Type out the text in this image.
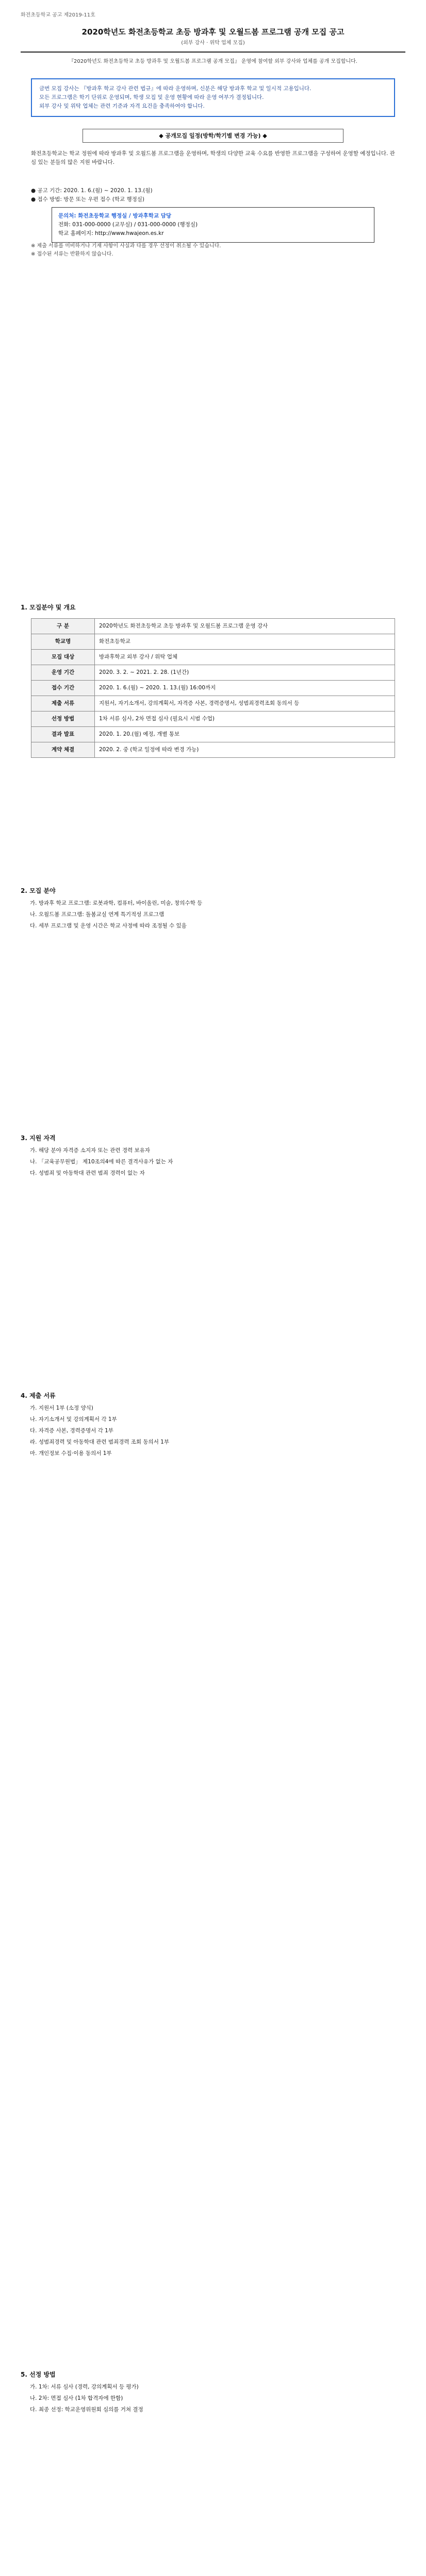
화전초등학교 공고 제2019-11호
2020학년도 화전초등학교 초등 방과후 및 오월드봄 프로그램 공개 모집 공고
(외부 강사 · 위탁 업체 모집)
『2020학년도 화전초등학교 초등 방과후 및 오월드봄 프로그램 공개 모집』 운영에 참여할 외부 강사와 업체를 공개 모집합니다.
금번 모집 강사는 『방과후 학교 강사 관련 법규』에 따라 운영하며, 신분은 해당 방과후 학교 및 일시적 고용입니다.
모든 프로그램은 학기 단위로 운영되며, 학생 모집 및 운영 현황에 따라 운영 여부가 결정됩니다.
외부 강사 및 위탁 업체는 관련 기준과 자격 요건을 충족하여야 합니다.
◆ 공개모집 일정(방학/학기별 변경 가능) ◆
화전초등학교는 학교 정원에 따라 방과후 및 오월드봄 프로그램을 운영하며, 학생의 다양한 교육 수요를 반영한 프로그램을 구성하여 운영할 예정입니다. 관심 있는 분들의 많은 지원 바랍니다.
● 공고 기간: 2020. 1. 6.(월) ~ 2020. 1. 13.(월)
● 접수 방법: 방문 또는 우편 접수 (학교 행정실)
문의처: 화전초등학교 행정실 / 방과후학교 담당
전화: 031-000-0000 (교무실) / 031-000-0000 (행정실)
학교 홈페이지: http://www.hwajeon.es.kr
※ 제출 서류를 미비하거나 기재 사항이 사실과 다를 경우 선정이 취소될 수 있습니다.
※ 접수된 서류는 반환하지 않습니다.
1. 모집분야 및 개요
구 분	2020학년도 화전초등학교 초등 방과후 및 오월드봄 프로그램 운영 강사
학교명	화전초등학교
모집 대상	방과후학교 외부 강사 / 위탁 업체
운영 기간	2020. 3. 2. ~ 2021. 2. 28. (1년간)
접수 기간	2020. 1. 6.(월) ~ 2020. 1. 13.(월) 16:00까지
제출 서류	지원서, 자기소개서, 강의계획서, 자격증 사본, 경력증명서, 성범죄경력조회 동의서 등
선정 방법	1차 서류 심사, 2차 면접 심사 (필요시 시범 수업)
결과 발표	2020. 1. 20.(월) 예정, 개별 통보
계약 체결	2020. 2. 중 (학교 일정에 따라 변경 가능)
2. 모집 분야

가. 방과후 학교 프로그램: 로봇과학, 컴퓨터, 바이올린, 미술, 창의수학 등

나. 오월드봄 프로그램: 돌봄교실 연계 특기적성 프로그램

다. 세부 프로그램 및 운영 시간은 학교 사정에 따라 조정될 수 있음

3. 지원 자격

가. 해당 분야 자격증 소지자 또는 관련 경력 보유자

나. 「교육공무원법」 제10조의4에 따른 결격사유가 없는 자

다. 성범죄 및 아동학대 관련 범죄 경력이 없는 자

4. 제출 서류

가. 지원서 1부 (소정 양식)

나. 자기소개서 및 강의계획서 각 1부

다. 자격증 사본, 경력증명서 각 1부

라. 성범죄경력 및 아동학대 관련 범죄경력 조회 동의서 1부

마. 개인정보 수집·이용 동의서 1부

5. 선정 방법

가. 1차: 서류 심사 (경력, 강의계획서 등 평가)

나. 2차: 면접 심사 (1차 합격자에 한함)

다. 최종 선정: 학교운영위원회 심의를 거쳐 결정
